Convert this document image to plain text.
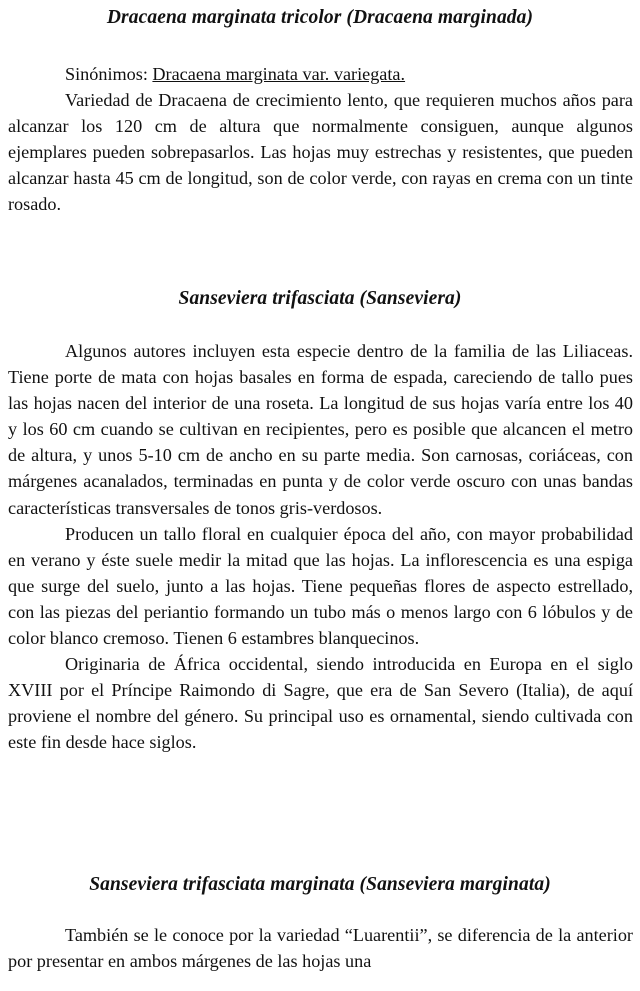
Dracaena marginata tricolor (Dracaena marginada)

Sinónimos: Dracaena marginata var. variegata.

Variedad de Dracaena de crecimiento lento, que requieren muchos años para alcanzar los 120 cm de altura que normalmente consiguen, aunque algunos ejemplares pueden sobrepasarlos. Las hojas muy estrechas y resistentes, que pueden alcanzar hasta 45 cm de longitud, son de color verde, con rayas en crema con un tinte rosado.

Sanseviera trifasciata (Sanseviera)

Algunos autores incluyen esta especie dentro de la familia de las Liliaceas. Tiene porte de mata con hojas basales en forma de espada, careciendo de tallo pues las hojas nacen del interior de una roseta. La longitud de sus hojas varía entre los 40 y los 60 cm cuando se cultivan en recipientes, pero es posible que alcancen el metro de altura, y unos 5-10 cm de ancho en su parte media. Son carnosas, coriáceas, con márgenes acanalados, terminadas en punta y de color verde oscuro con unas bandas características transversales de tonos gris-verdosos.

Producen un tallo floral en cualquier época del año, con mayor probabilidad en verano y éste suele medir la mitad que las hojas. La inflorescencia es una espiga que surge del suelo, junto a las hojas. Tiene pequeñas flores de aspecto estrellado, con las piezas del periantio formando un tubo más o menos largo con 6 lóbulos y de color blanco cremoso. Tienen 6 estambres blanquecinos.

Originaria de África occidental, siendo introducida en Europa en el siglo XVIII por el Príncipe Raimondo di Sagre, que era de San Severo (Italia), de aquí proviene el nombre del género. Su principal uso es ornamental, siendo cultivada con este fin desde hace siglos.

Sanseviera trifasciata marginata (Sanseviera marginata)

También se le conoce por la variedad “Luarentii”, se diferencia de la anterior por presentar en ambos márgenes de las hojas una
